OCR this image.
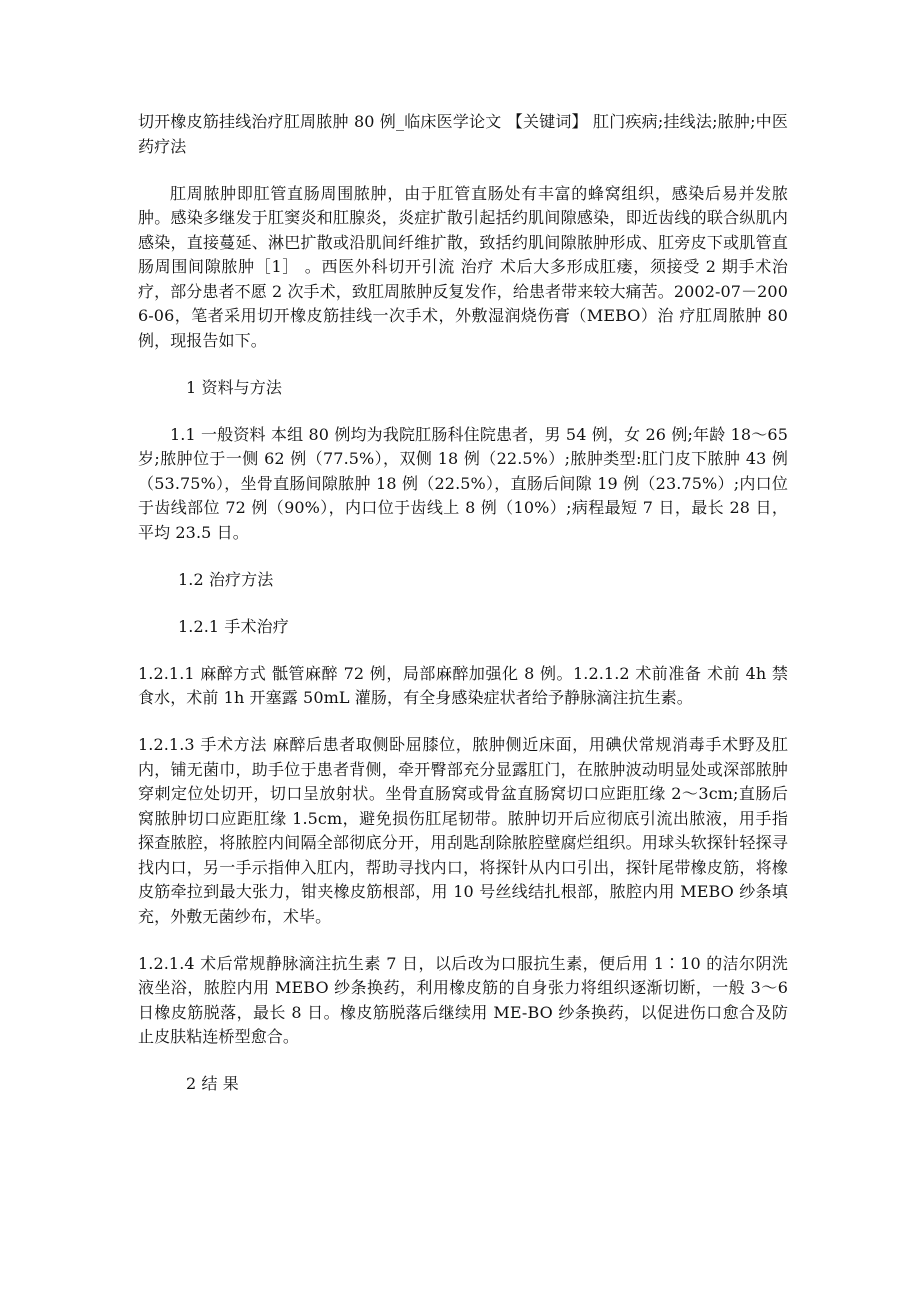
切开橡皮筋挂线治疗肛周脓肿 80 例_临床医学论文 【关键词】 肛门疾病;挂线法;脓肿;中医药疗法

肛周脓肿即肛管直肠周围脓肿，由于肛管直肠处有丰富的蜂窝组织，感染后易并发脓肿。感染多继发于肛窦炎和肛腺炎，炎症扩散引起括约肌间隙感染，即近齿线的联合纵肌内感染，直接蔓延、淋巴扩散或沿肌间纤维扩散，致括约肌间隙脓肿形成、肛旁皮下或肌管直肠周围间隙脓肿［1］ 。西医外科切开引流 治疗 术后大多形成肛瘘，须接受 2 期手术治疗，部分患者不愿 2 次手术，致肛周脓肿反复发作，给患者带来较大痛苦。2002-07－2006-06，笔者采用切开橡皮筋挂线一次手术，外敷湿润烧伤膏（MEBO）治 疗肛周脓肿 80 例，现报告如下。

1 资料与方法

1.1 一般资料 本组 80 例均为我院肛肠科住院患者，男 54 例，女 26 例;年龄 18～65 岁;脓肿位于一侧 62 例（77.5%），双侧 18 例（22.5%）;脓肿类型:肛门皮下脓肿 43 例（53.75%），坐骨直肠间隙脓肿 18 例（22.5%），直肠后间隙 19 例（23.75%）;内口位于齿线部位 72 例（90%），内口位于齿线上 8 例（10%）;病程最短 7 日，最长 28 日，平均 23.5 日。

1.2 治疗方法

1.2.1 手术治疗

1.2.1.1 麻醉方式 骶管麻醉 72 例，局部麻醉加强化 8 例。1.2.1.2 术前准备 术前 4h 禁食水，术前 1h 开塞露 50mL 灌肠，有全身感染症状者给予静脉滴注抗生素。

1.2.1.3 手术方法 麻醉后患者取侧卧屈膝位，脓肿侧近床面，用碘伏常规消毒手术野及肛内，铺无菌巾，助手位于患者背侧，牵开臀部充分显露肛门，在脓肿波动明显处或深部脓肿穿刺定位处切开，切口呈放射状。坐骨直肠窝或骨盆直肠窝切口应距肛缘 2～3cm;直肠后窝脓肿切口应距肛缘 1.5cm，避免损伤肛尾韧带。脓肿切开后应彻底引流出脓液，用手指探查脓腔，将脓腔内间隔全部彻底分开，用刮匙刮除脓腔壁腐烂组织。用球头软探针轻探寻找内口，另一手示指伸入肛内，帮助寻找内口，将探针从内口引出，探针尾带橡皮筋，将橡皮筋牵拉到最大张力，钳夹橡皮筋根部，用 10 号丝线结扎根部，脓腔内用 MEBO 纱条填充，外敷无菌纱布，术毕。

1.2.1.4 术后常规静脉滴注抗生素 7 日，以后改为口服抗生素，便后用 1∶10 的洁尔阴洗液坐浴，脓腔内用 MEBO 纱条换药，利用橡皮筋的自身张力将组织逐渐切断，一般 3～6 日橡皮筋脱落，最长 8 日。橡皮筋脱落后继续用 ME-BO 纱条换药，以促进伤口愈合及防止皮肤粘连桥型愈合。

2 结 果
